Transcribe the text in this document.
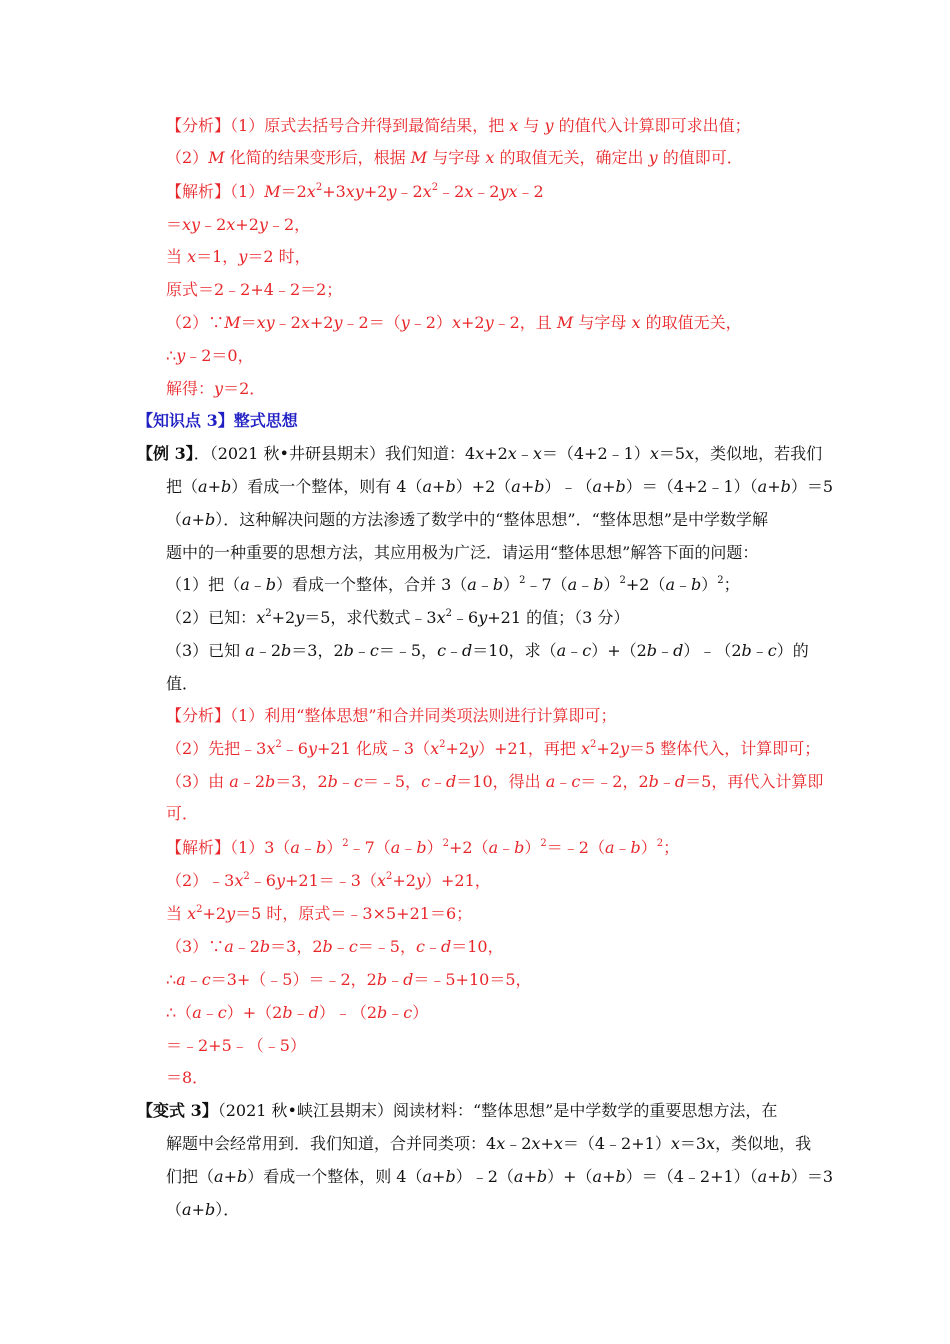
【分析】（1）原式去括号合并得到最简结果，把 x 与 y 的值代入计算即可求出值；
（2）M 化简的结果变形后，根据 M 与字母 x 的取值无关，确定出 y 的值即可．
【解析】$(1)M=2x^2+3xy+2y﹣2x^2﹣2x﹣2yx﹣2$
＝xy﹣2x+2y﹣2，
当 x＝1，y＝2 时，
原式＝2﹣2+4﹣2＝2；
（2）∵M＝xy﹣2x+2y﹣2＝（y﹣2）x+2y﹣2，且 M 与字母 x 的取值无关，
∴y﹣2＝0，
解得：y＝2．
【知识点 3】整式思想
【例 3】．（2021 秋•井研县期末）我们知道：4x+2x﹣x＝（4+2﹣1）x＝5x，类似地，若我们
把（a+b）看成一个整体，则有 4（a+b）+2（a+b）﹣（a+b）＝（4+2﹣1）（a+b）＝5
（a+b）．这种解决问题的方法渗透了数学中的“整体思想”．“整体思想”是中学数学解
题中的一种重要的思想方法，其应用极为广泛．请运用“整体思想”解答下面的问题：
（1）把（a﹣b）看成一个整体，合并 3（a﹣b）$^2$﹣7（a﹣b）$^2$+2（a﹣b）$^2$；
（2）已知：$x^2+2y=5$，求代数式$﹣3x^2﹣6y+21$ 的值；（3 分）
（3）已知 a﹣2b＝3，2b﹣c＝﹣5，c﹣d＝10，求（a﹣c）+（2b﹣d）﹣（2b﹣c）的
值．
【分析】（1）利用“整体思想”和合并同类项法则进行计算即可；
（2）先把$﹣3x^2﹣6y+21$ 化成$﹣3(x^2+2y)+21$，再把 $x^2+2y=5$ 整体代入，计算即可；
（3）由 a﹣2b＝3，2b﹣c＝﹣5，c﹣d＝10，得出 a﹣c＝﹣2，2b﹣d＝5，再代入计算即
可．
【解析】（1）3（a﹣b）$^2$﹣7（a﹣b）$^2$+2（a﹣b）$^2$＝﹣2（a﹣b）$^2$；
$(2)﹣3x^2﹣6y+21=﹣3(x^2+2y)+21$，
当 $x^2+2y=5$ 时，原式＝﹣3×5+21＝6；
（3）∵a﹣2b＝3，2b﹣c＝﹣5，c﹣d＝10，
∴a﹣c＝3+（﹣5）＝﹣2，2b﹣d＝﹣5+10＝5，
∴（a﹣c）+（2b﹣d）﹣（2b﹣c）
＝﹣2+5﹣（﹣5）
＝8．
【变式 3】（2021 秋•峡江县期末）阅读材料：“整体思想”是中学数学的重要思想方法，在
解题中会经常用到．我们知道，合并同类项：4x﹣2x+x＝（4﹣2+1）x＝3x，类似地，我
们把（a+b）看成一个整体，则 4（a+b）﹣2（a+b）+（a+b）＝（4﹣2+1）（a+b）＝3
（a+b）．
